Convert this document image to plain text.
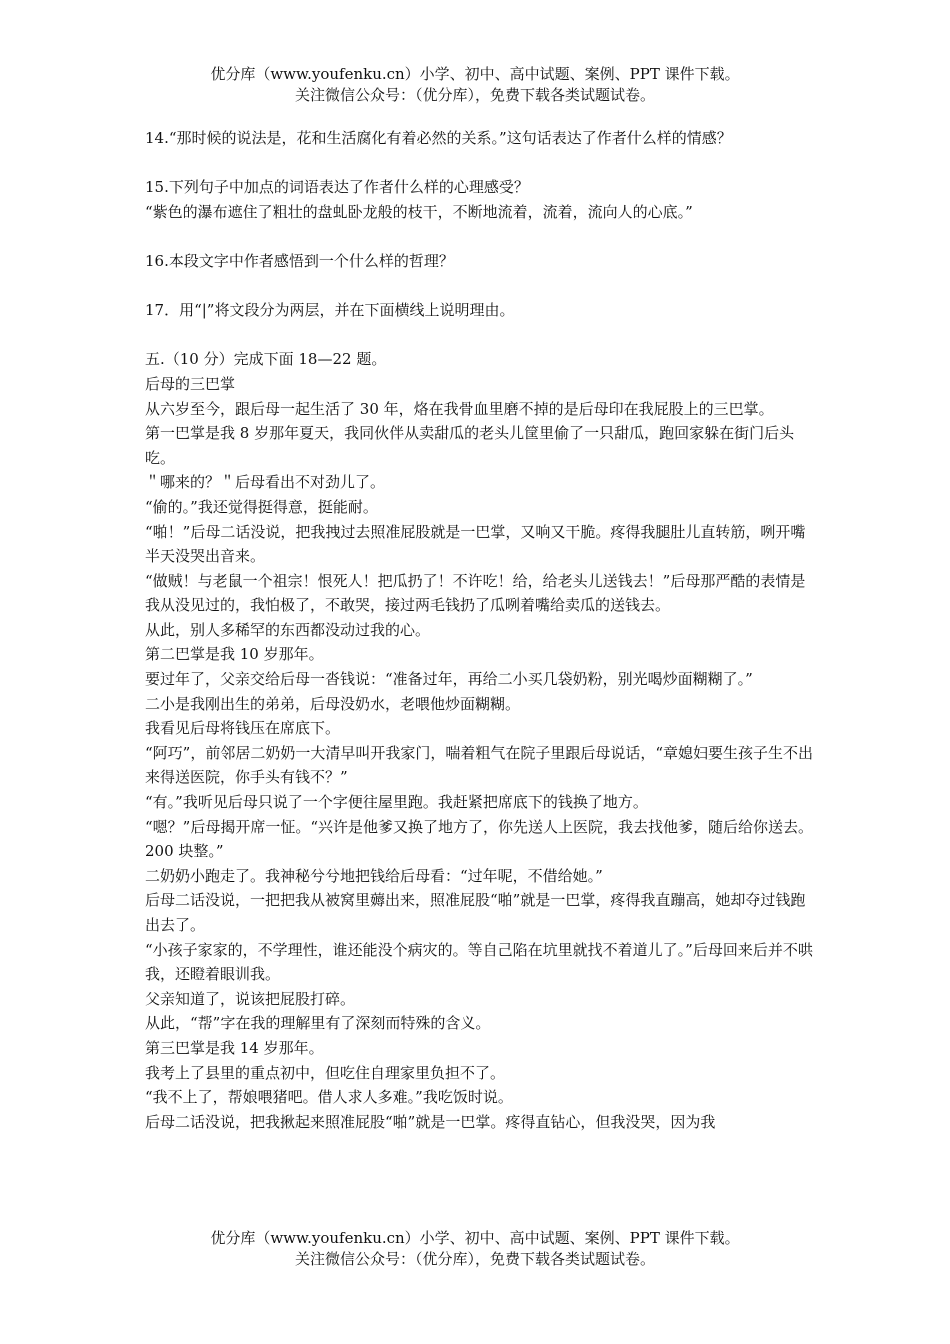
优分库（www.youfenku.cn）小学、初中、高中试题、案例、PPT 课件下载。
关注微信公众号：（优分库），免费下载各类试题试卷。

14.“那时候的说法是，花和生活腐化有着必然的关系。”这句话表达了作者什么样的情感？

15.下列句子中加点的词语表达了作者什么样的心理感受？

“紫色的瀑布遮住了粗壮的盘虬卧龙般的枝干，不断地流着，流着，流向人的心底。”

16.本段文字中作者感悟到一个什么样的哲理？

17．用“|”将文段分为两层，并在下面横线上说明理由。

五.（10 分）完成下面 18—22 题。

后母的三巴掌

从六岁至今，跟后母一起生活了 30 年，烙在我骨血里磨不掉的是后母印在我屁股上的三巴掌。

第一巴掌是我 8 岁那年夏天，我同伙伴从卖甜瓜的老头儿筐里偷了一只甜瓜，跑回家躲在街门后头吃。

＂哪来的？＂后母看出不对劲儿了。

“偷的。”我还觉得挺得意，挺能耐。

“啪！”后母二话没说，把我拽过去照准屁股就是一巴掌，又响又干脆。疼得我腿肚儿直转筋，咧开嘴半天没哭出音来。

“做贼！与老鼠一个祖宗！恨死人！把瓜扔了！不许吃！给，给老头儿送钱去！”后母那严酷的表情是我从没见过的，我怕极了，不敢哭，接过两毛钱扔了瓜咧着嘴给卖瓜的送钱去。

从此，别人多稀罕的东西都没动过我的心。

第二巴掌是我 10 岁那年。

要过年了，父亲交给后母一沓钱说：“准备过年，再给二小买几袋奶粉，别光喝炒面糊糊了。”

二小是我刚出生的弟弟，后母没奶水，老喂他炒面糊糊。

我看见后母将钱压在席底下。

“阿巧”，前邻居二奶奶一大清早叫开我家门，喘着粗气在院子里跟后母说话，“章媳妇要生孩子生不出来得送医院，你手头有钱不？”

“有。”我听见后母只说了一个字便往屋里跑。我赶紧把席底下的钱换了地方。

“嗯？”后母揭开席一怔。“兴许是他爹又换了地方了，你先送人上医院，我去找他爹，随后给你送去。200 块整。”

二奶奶小跑走了。我神秘兮兮地把钱给后母看：“过年呢，不借给她。”

后母二话没说，一把把我从被窝里薅出来，照准屁股“啪”就是一巴掌，疼得我直蹦高，她却夺过钱跑出去了。

“小孩子家家的，不学理性，谁还能没个病灾的。等自己陷在坑里就找不着道儿了。”后母回来后并不哄我，还瞪着眼训我。

父亲知道了，说该把屁股打碎。

从此，“帮”字在我的理解里有了深刻而特殊的含义。

第三巴掌是我 14 岁那年。

我考上了县里的重点初中，但吃住自理家里负担不了。

“我不上了，帮娘喂猪吧。借人求人多难。”我吃饭时说。

后母二话没说，把我揪起来照准屁股“啪”就是一巴掌。疼得直钻心，但我没哭，因为我

优分库（www.youfenku.cn）小学、初中、高中试题、案例、PPT 课件下载。
关注微信公众号：（优分库），免费下载各类试题试卷。
